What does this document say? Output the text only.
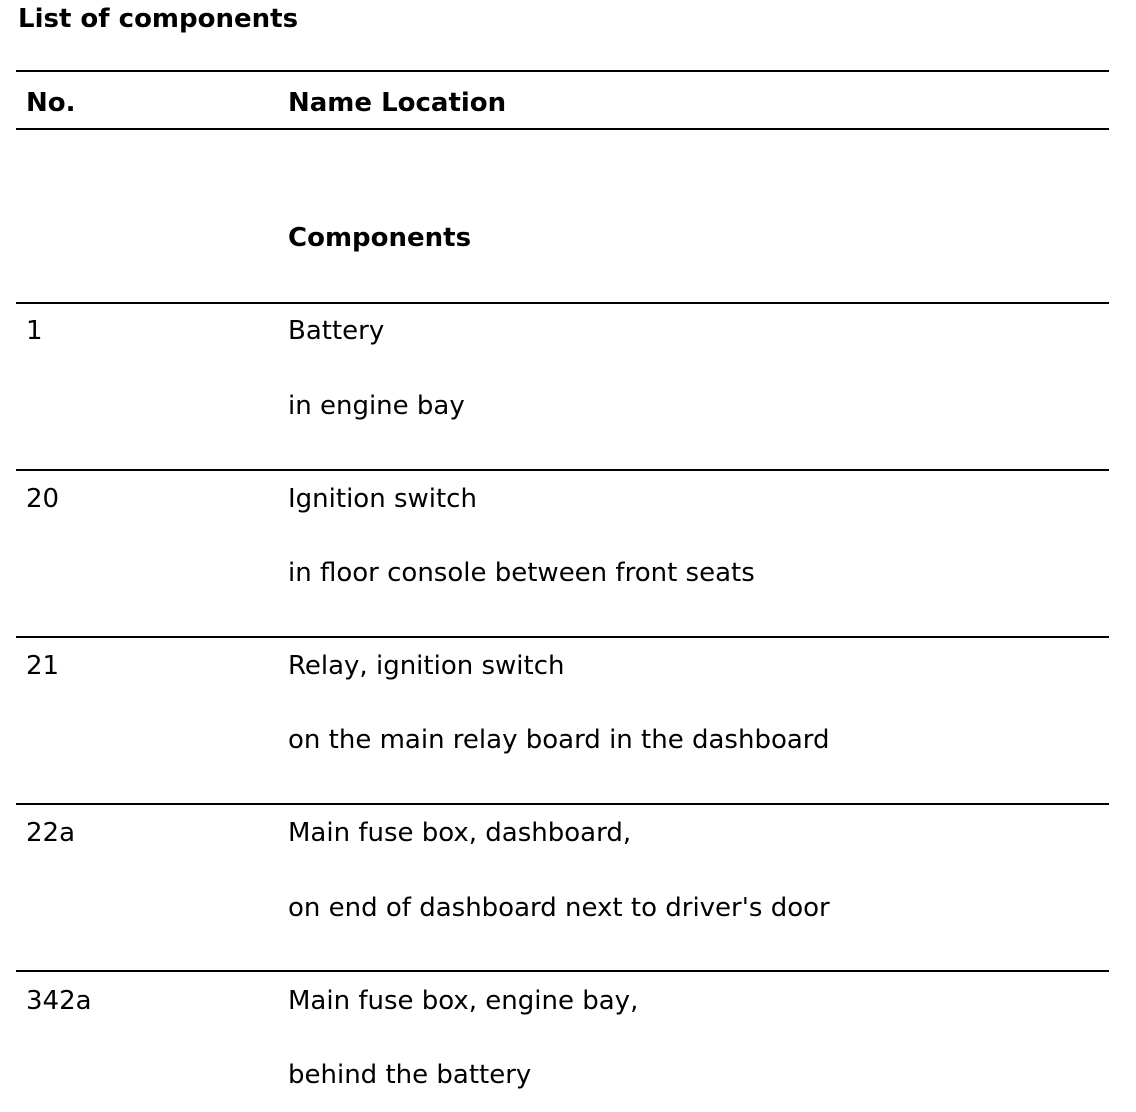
List of components
No.	Name Location
Components
1	Battery
in engine bay
20	Ignition switch
in floor console between front seats
21	Relay, ignition switch
on the main relay board in the dashboard
22a	Main fuse box, dashboard,
on end of dashboard next to driver's door
342a	Main fuse box, engine bay,
behind the battery
